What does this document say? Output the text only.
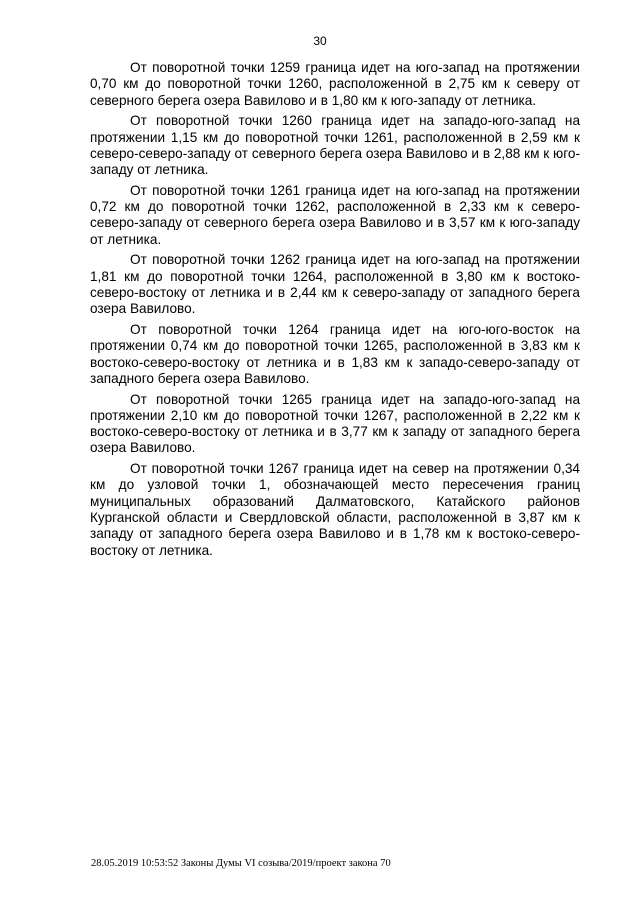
30

От поворотной точки 1259 граница идет на юго-запад на протяжении 0,70 км до поворотной точки 1260, расположенной в 2,75 км к северу от северного берега озера Вавилово и в 1,80 км к юго-западу от летника.

От поворотной точки 1260 граница идет на западо-юго-запад на протяжении 1,15 км до поворотной точки 1261, расположенной в 2,59 км к северо-северо-западу от северного берега озера Вавилово и в 2,88 км к юго-западу от летника.

От поворотной точки 1261 граница идет на юго-запад на протяжении 0,72 км до поворотной точки 1262, расположенной в 2,33 км к северо-северо-западу от северного берега озера Вавилово и в 3,57 км к юго-западу от летника.

От поворотной точки 1262 граница идет на юго-запад на протяжении 1,81 км до поворотной точки 1264, расположенной в 3,80 км к востоко-северо-востоку от летника и в 2,44 км к северо-западу от западного берега озера Вавилово.

От поворотной точки 1264 граница идет на юго-юго-восток на протяжении 0,74 км до поворотной точки 1265, расположенной в 3,83 км к востоко-северо-востоку от летника и в 1,83 км к западо-северо-западу от западного берега озера Вавилово.

От поворотной точки 1265 граница идет на западо-юго-запад на протяжении 2,10 км до поворотной точки 1267, расположенной в 2,22 км к востоко-северо-востоку от летника и в 3,77 км к западу от западного берега озера Вавилово.

От поворотной точки 1267 граница идет на север на протяжении 0,34 км до узловой точки 1, обозначающей место пересечения границ муниципальных образований Далматовского, Катайского районов Курганской области и Свердловской области, расположенной в 3,87 км к западу от западного берега озера Вавилово и в 1,78 км к востоко-северо-востоку от летника.

28.05.2019 10:53:52 Законы Думы VI созыва/2019/проект закона 70
